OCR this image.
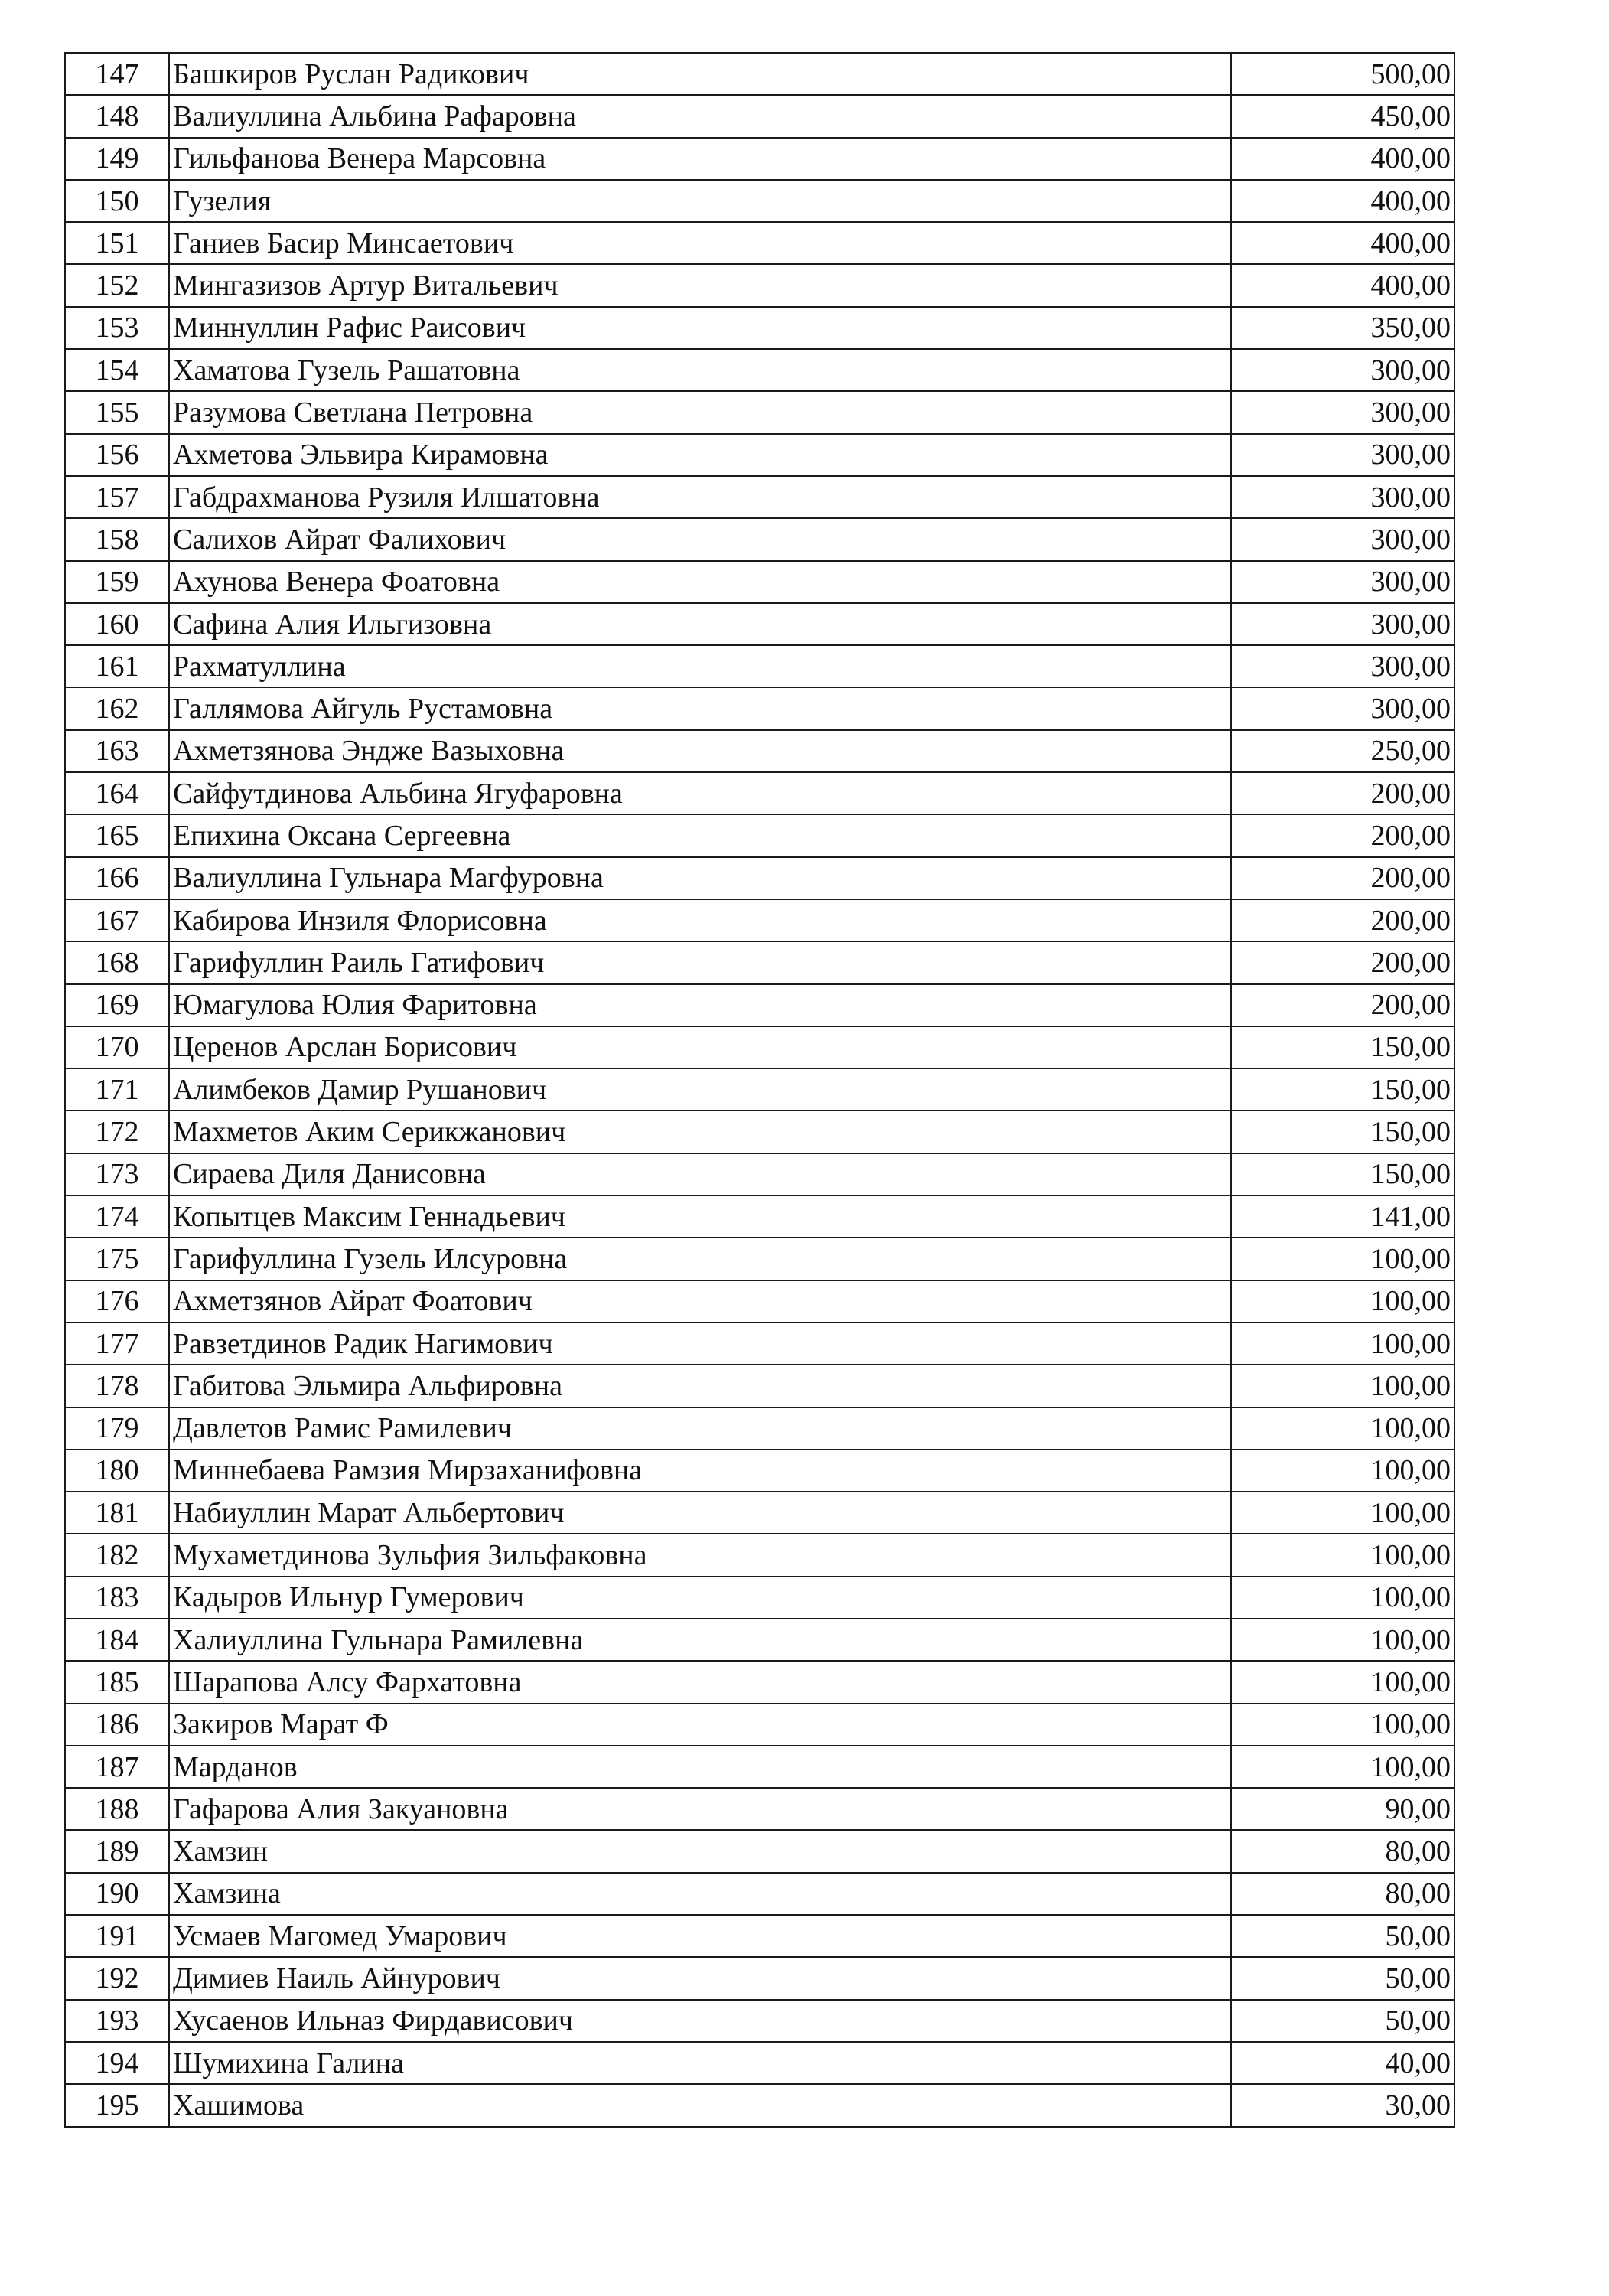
147	Башкиров Руслан Радикович	500,00
148	Валиуллина Альбина Рафаровна	450,00
149	Гильфанова Венера Марсовна	400,00
150	Гузелия	400,00
151	Ганиев Басир Минсаетович	400,00
152	Мингазизов Артур Витальевич	400,00
153	Миннуллин Рафис Раисович	350,00
154	Хаматова Гузель Рашатовна	300,00
155	Разумова Светлана Петровна	300,00
156	Ахметова Эльвира Кирамовна	300,00
157	Габдрахманова Рузиля Илшатовна	300,00
158	Салихов Айрат Фалихович	300,00
159	Ахунова Венера Фоатовна	300,00
160	Сафина Алия Ильгизовна	300,00
161	Рахматуллина	300,00
162	Галлямова Айгуль Рустамовна	300,00
163	Ахметзянова Эндже Вазыховна	250,00
164	Сайфутдинова Альбина Ягуфаровна	200,00
165	Епихина Оксана Сергеевна	200,00
166	Валиуллина Гульнара Магфуровна	200,00
167	Кабирова Инзиля Флорисовна	200,00
168	Гарифуллин Раиль Гатифович	200,00
169	Юмагулова Юлия Фаритовна	200,00
170	Церенов Арслан Борисович	150,00
171	Алимбеков Дамир Рушанович	150,00
172	Махметов Аким Серикжанович	150,00
173	Сираева Диля Данисовна	150,00
174	Копытцев Максим Геннадьевич	141,00
175	Гарифуллина Гузель Илсуровна	100,00
176	Ахметзянов Айрат Фоатович	100,00
177	Равзетдинов Радик Нагимович	100,00
178	Габитова Эльмира Альфировна	100,00
179	Давлетов Рамис Рамилевич	100,00
180	Миннебаева Рамзия Мирзаханифовна	100,00
181	Набиуллин Марат Альбертович	100,00
182	Мухаметдинова Зульфия Зильфаковна	100,00
183	Кадыров Ильнур Гумерович	100,00
184	Халиуллина Гульнара Рамилевна	100,00
185	Шарапова Алсу Фархатовна	100,00
186	Закиров Марат Ф	100,00
187	Марданов	100,00
188	Гафарова Алия Закуановна	90,00
189	Хамзин	80,00
190	Хамзина	80,00
191	Усмаев Магомед Умарович	50,00
192	Димиев Наиль Айнурович	50,00
193	Хусаенов Ильназ Фирдависович	50,00
194	Шумихина Галина	40,00
195	Хашимова	30,00
